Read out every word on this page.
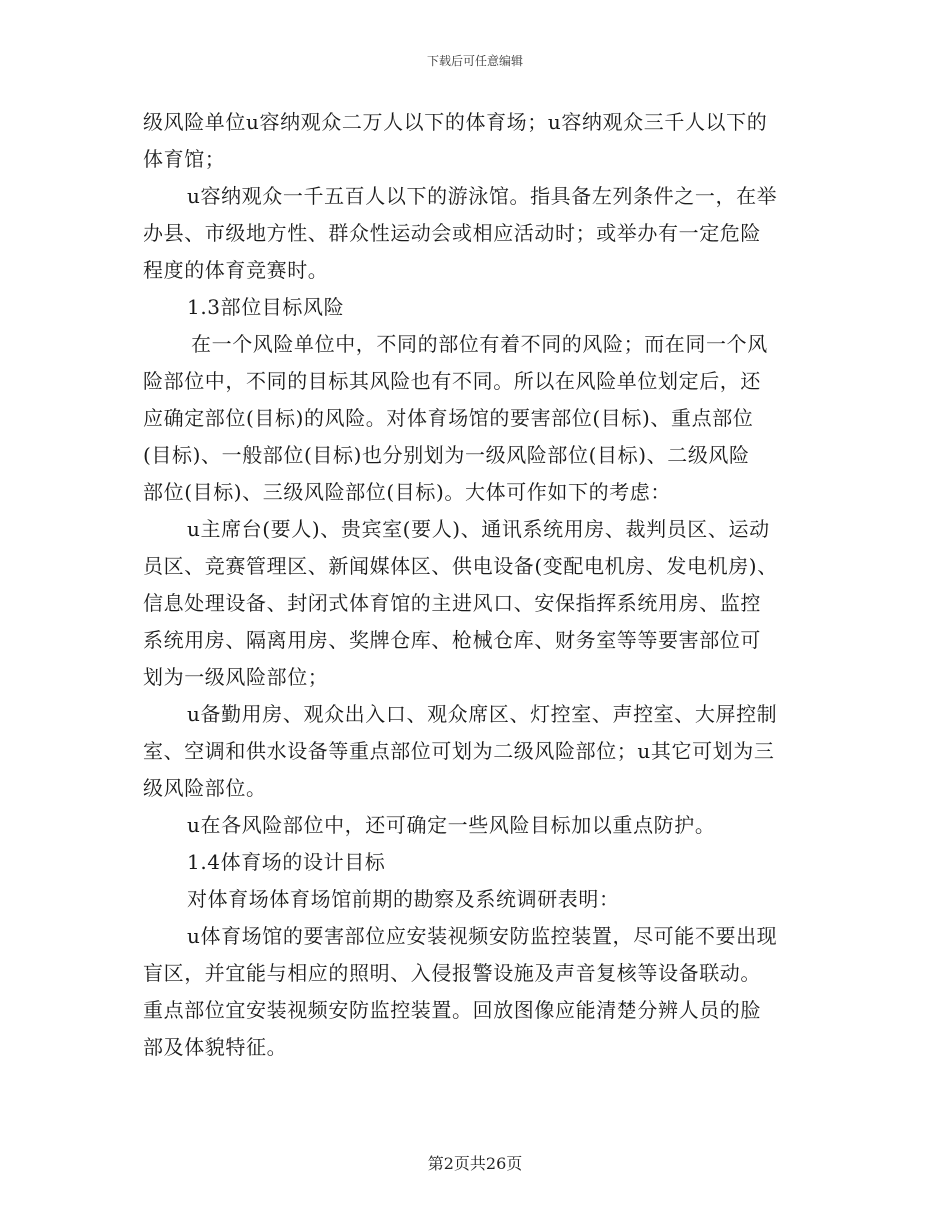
下载后可任意编辑
级风险单位u容纳观众二万人以下的体育场；u容纳观众三千人以下的
体育馆；
u容纳观众一千五百人以下的游泳馆。指具备左列条件之一，在举
办县、市级地方性、群众性运动会或相应活动时；或举办有一定危险
程度的体育竞赛时。
1.3部位目标风险
在一个风险单位中，不同的部位有着不同的风险；而在同一个风
险部位中，不同的目标其风险也有不同。所以在风险单位划定后，还
应确定部位(目标)的风险。对体育场馆的要害部位(目标)、重点部位
(目标)、一般部位(目标)也分别划为一级风险部位(目标)、二级风险
部位(目标)、三级风险部位(目标)。大体可作如下的考虑：
u主席台(要人)、贵宾室(要人)、通讯系统用房、裁判员区、运动
员区、竞赛管理区、新闻媒体区、供电设备(变配电机房、发电机房)、
信息处理设备、封闭式体育馆的主进风口、安保指挥系统用房、监控
系统用房、隔离用房、奖牌仓库、枪械仓库、财务室等等要害部位可
划为一级风险部位；
u备勤用房、观众出入口、观众席区、灯控室、声控室、大屏控制
室、空调和供水设备等重点部位可划为二级风险部位；u其它可划为三
级风险部位。
u在各风险部位中，还可确定一些风险目标加以重点防护。
1.4体育场的设计目标
对体育场体育场馆前期的勘察及系统调研表明：
u体育场馆的要害部位应安装视频安防监控装置，尽可能不要出现
盲区，并宜能与相应的照明、入侵报警设施及声音复核等设备联动。
重点部位宜安装视频安防监控装置。回放图像应能清楚分辨人员的脸
部及体貌特征。
第2页共26页
